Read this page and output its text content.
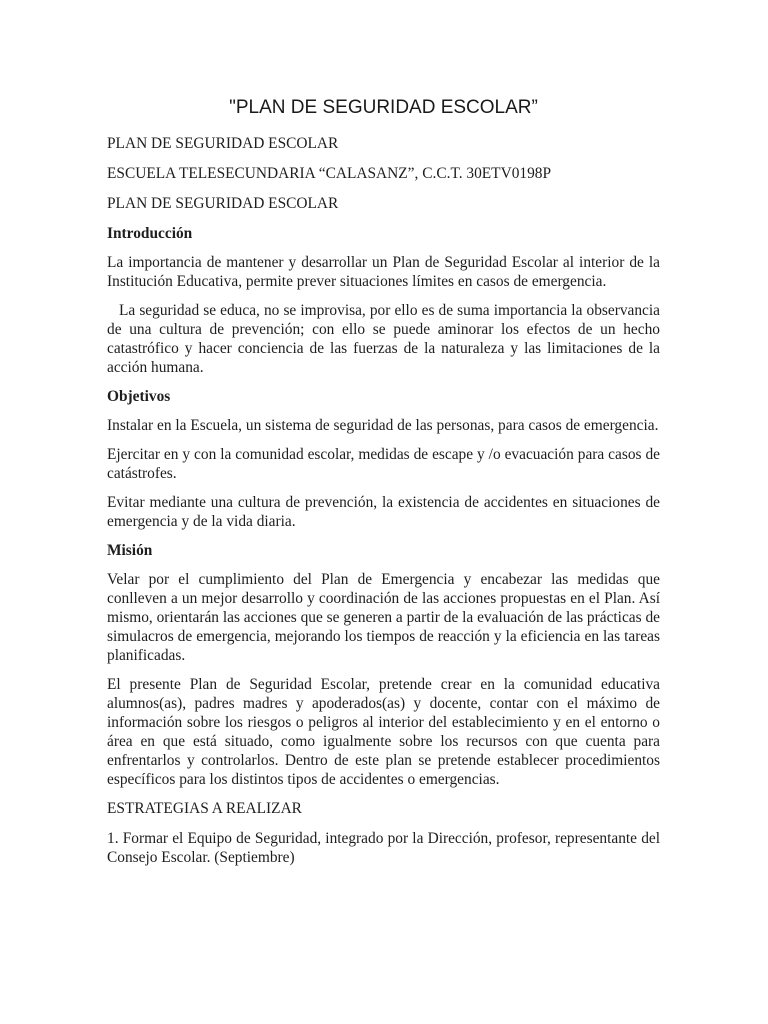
"PLAN DE SEGURIDAD ESCOLAR”

PLAN DE SEGURIDAD ESCOLAR

ESCUELA TELESECUNDARIA “CALASANZ”, C.C.T. 30ETV0198P

PLAN DE SEGURIDAD ESCOLAR

Introducción

La importancia de mantener y desarrollar un Plan de Seguridad Escolar al interior de la Institución Educativa, permite prever situaciones límites en casos de emergencia.

La seguridad se educa, no se improvisa, por ello es de suma importancia la observancia de una cultura de prevención; con ello se puede aminorar los efectos de un hecho catastrófico y hacer conciencia de las fuerzas de la naturaleza y las limitaciones de la acción humana.

Objetivos

Instalar en la Escuela, un sistema de seguridad de las personas, para casos de emergencia.

Ejercitar en y con la comunidad escolar, medidas de escape y /o evacuación para casos de catástrofes.

Evitar mediante una cultura de prevención, la existencia de accidentes en situaciones de emergencia y de la vida diaria.

Misión

Velar por el cumplimiento del Plan de Emergencia y encabezar las medidas que conlleven a un mejor desarrollo y coordinación de las acciones propuestas en el Plan. Así mismo, orientarán las acciones que se generen a partir de la evaluación de las prácticas de simulacros de emergencia, mejorando los tiempos de reacción y la eficiencia en las tareas planificadas.

El presente Plan de Seguridad Escolar, pretende crear en la comunidad educativa alumnos(as), padres madres y apoderados(as) y docente, contar con el máximo de información sobre los riesgos o peligros al interior del establecimiento y en el entorno o área en que está situado, como igualmente sobre los recursos con que cuenta para enfrentarlos y controlarlos. Dentro de este plan se pretende establecer procedimientos específicos para los distintos tipos de accidentes o emergencias.

ESTRATEGIAS A REALIZAR

1. Formar el Equipo de Seguridad, integrado por la Dirección, profesor, representante del Consejo Escolar. (Septiembre)
